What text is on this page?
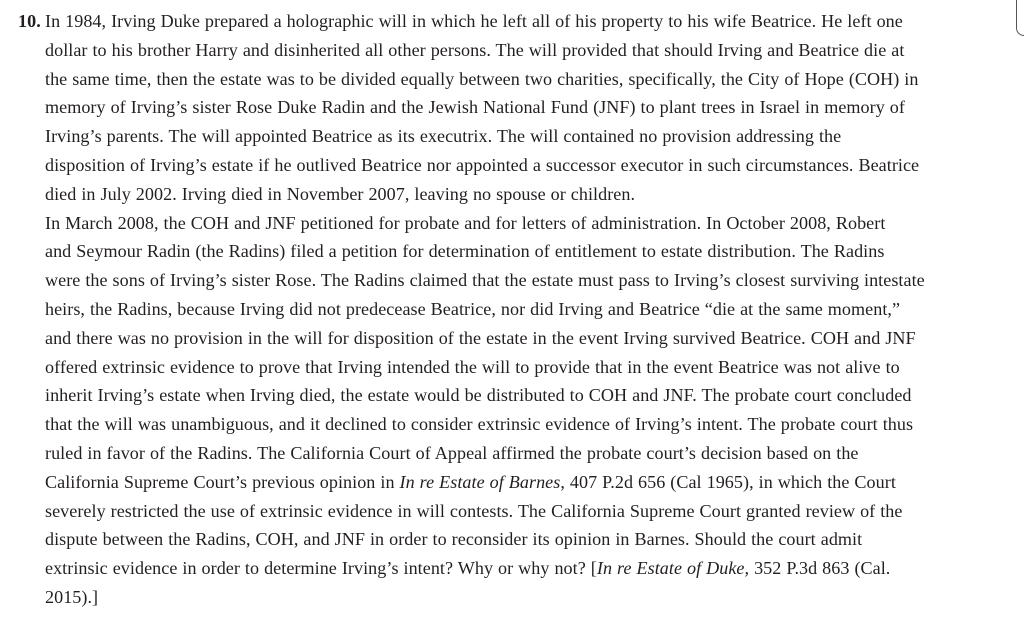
10. In 1984, Irving Duke prepared a holographic will in which he left all of his property to his wife Beatrice. He left one
dollar to his brother Harry and disinherited all other persons. The will provided that should Irving and Beatrice die at
the same time, then the estate was to be divided equally between two charities, specifically, the City of Hope (COH) in
memory of Irving’s sister Rose Duke Radin and the Jewish National Fund (JNF) to plant trees in Israel in memory of
Irving’s parents. The will appointed Beatrice as its executrix. The will contained no provision addressing the
disposition of Irving’s estate if he outlived Beatrice nor appointed a successor executor in such circumstances. Beatrice
died in July 2002. Irving died in November 2007, leaving no spouse or children.
In March 2008, the COH and JNF petitioned for probate and for letters of administration. In October 2008, Robert
and Seymour Radin (the Radins) filed a petition for determination of entitlement to estate distribution. The Radins
were the sons of Irving’s sister Rose. The Radins claimed that the estate must pass to Irving’s closest surviving intestate
heirs, the Radins, because Irving did not predecease Beatrice, nor did Irving and Beatrice “die at the same moment,”
and there was no provision in the will for disposition of the estate in the event Irving survived Beatrice. COH and JNF
offered extrinsic evidence to prove that Irving intended the will to provide that in the event Beatrice was not alive to
inherit Irving’s estate when Irving died, the estate would be distributed to COH and JNF. The probate court concluded
that the will was unambiguous, and it declined to consider extrinsic evidence of Irving’s intent. The probate court thus
ruled in favor of the Radins. The California Court of Appeal affirmed the probate court’s decision based on the
California Supreme Court’s previous opinion in In re Estate of Barnes, 407 P.2d 656 (Cal 1965), in which the Court
severely restricted the use of extrinsic evidence in will contests. The California Supreme Court granted review of the
dispute between the Radins, COH, and JNF in order to reconsider its opinion in Barnes. Should the court admit
extrinsic evidence in order to determine Irving’s intent? Why or why not? [In re Estate of Duke, 352 P.3d 863 (Cal.
2015).]
